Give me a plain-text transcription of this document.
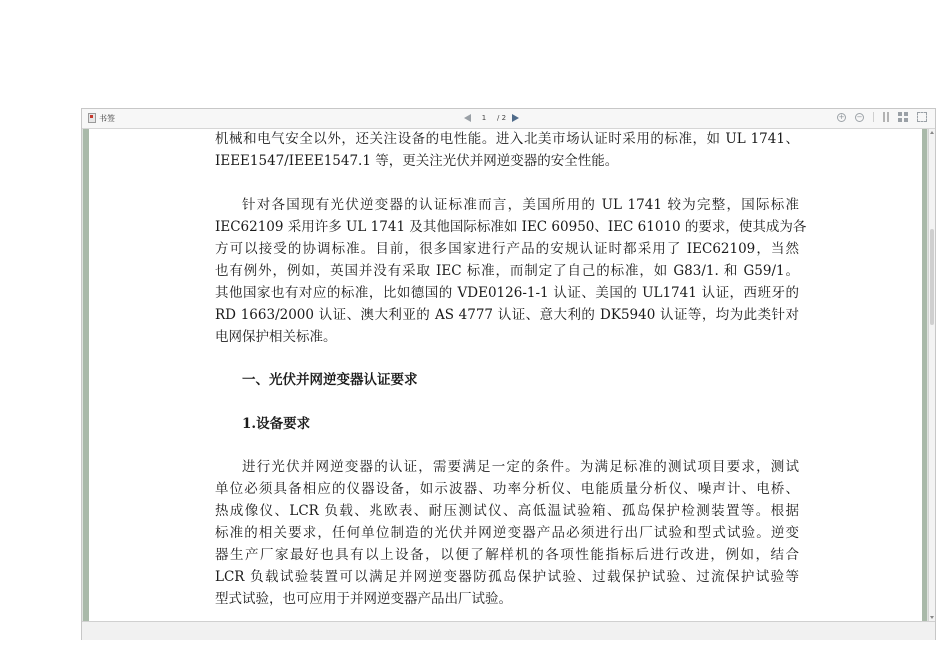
书签	1	/ 2	+ −
机械和电气安全以外，还关注设备的电性能。进入北美市场认证时采用的标准，如 UL 1741、
IEEE1547/IEEE1547.1 等，更关注光伏并网逆变器的安全性能。
针对各国现有光伏逆变器的认证标准而言，美国所用的 UL 1741 较为完整，国际标准
IEC62109 采用许多 UL 1741 及其他国际标准如 IEC 60950、IEC 61010 的要求，使其成为各
方可以接受的协调标准。目前，很多国家进行产品的安规认证时都采用了 IEC62109，当然
也有例外，例如，英国并没有采取 IEC 标准，而制定了自己的标准，如 G83/1. 和 G59/1。
其他国家也有对应的标准，比如德国的 VDE0126-1-1 认证、美国的 UL1741 认证，西班牙的
RD 1663/2000 认证、澳大利亚的 AS 4777 认证、意大利的 DK5940 认证等，均为此类针对
电网保护相关标准。
一、光伏并网逆变器认证要求
1.设备要求
进行光伏并网逆变器的认证，需要满足一定的条件。为满足标准的测试项目要求，测试
单位必须具备相应的仪器设备，如示波器、功率分析仪、电能质量分析仪、噪声计、电桥、
热成像仪、LCR 负载、兆欧表、耐压测试仪、高低温试验箱、孤岛保护检测装置等。根据
标准的相关要求，任何单位制造的光伏并网逆变器产品必须进行出厂试验和型式试验。逆变
器生产厂家最好也具有以上设备，以便了解样机的各项性能指标后进行改进，例如，结合
LCR 负载试验装置可以满足并网逆变器防孤岛保护试验、过载保护试验、过流保护试验等
型式试验，也可应用于并网逆变器产品出厂试验。
